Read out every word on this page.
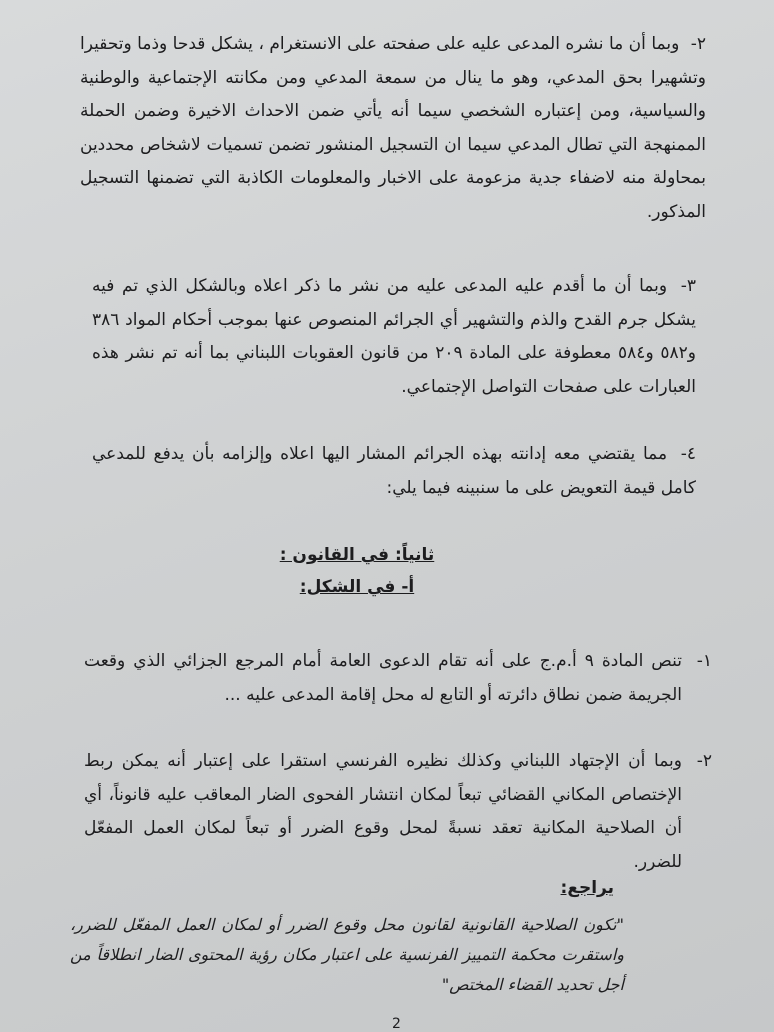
٢- وبما أن ما نشره المدعى عليه على صفحته على الانستغرام ، يشكل قدحا وذما وتحقيرا وتشهيرا بحق المدعي، وهو ما ينال من سمعة المدعي ومن مكانته الإجتماعية والوطنية والسياسية، ومن إعتباره الشخصي سيما أنه يأتي ضمن الاحداث الاخيرة وضمن الحملة الممنهجة التي تطال المدعي سيما ان التسجيل المنشور تضمن تسميات لاشخاص محددين بمحاولة منه لاضفاء جدية مزعومة على الاخبار والمعلومات الكاذبة التي تضمنها التسجيل المذكور.

٣- وبما أن ما أقدم عليه المدعى عليه من نشر ما ذكر اعلاه وبالشكل الذي تم فيه يشكل جرم القدح والذم والتشهير أي الجرائم المنصوص عنها بموجب أحكام المواد ٣٨٦ و٥٨٢ و٥٨٤ معطوفة على المادة ٢٠٩ من قانون العقوبات اللبناني بما أنه تم نشر هذه العبارات على صفحات التواصل الإجتماعي.

٤- مما يقتضي معه إدانته بهذه الجرائم المشار اليها اعلاه وإلزامه بأن يدفع للمدعي كامل قيمة التعويض على ما سنبينه فيما يلي:

ثانياً: في القانون :

أ- في الشكل:

١-
تنص المادة ٩ أ.م.ج على أنه تقام الدعوى العامة أمام المرجع الجزائي الذي وقعت الجريمة ضمن نطاق دائرته أو التابع له محل إقامة المدعى عليه ...
٢-
وبما أن الإجتهاد اللبناني وكذلك نظيره الفرنسي استقرا على إعتبار أنه يمكن ربط الإختصاص المكاني القضائي تبعاً لمكان انتشار الفحوى الضار المعاقب عليه قانوناً، أي أن الصلاحية المكانية تعقد نسبةً لمحل وقوع الضرر أو تبعاً لمكان العمل المفعّل للضرر.

يراجع:

"تكون الصلاحية القانونية لقانون محل وقوع الضرر أو لمكان العمل المفعّل للضرر، واستقرت محكمة التمييز الفرنسية على اعتبار مكان رؤية المحتوى الضار انطلاقاً من أجل تحديد القضاء المختص"

2
